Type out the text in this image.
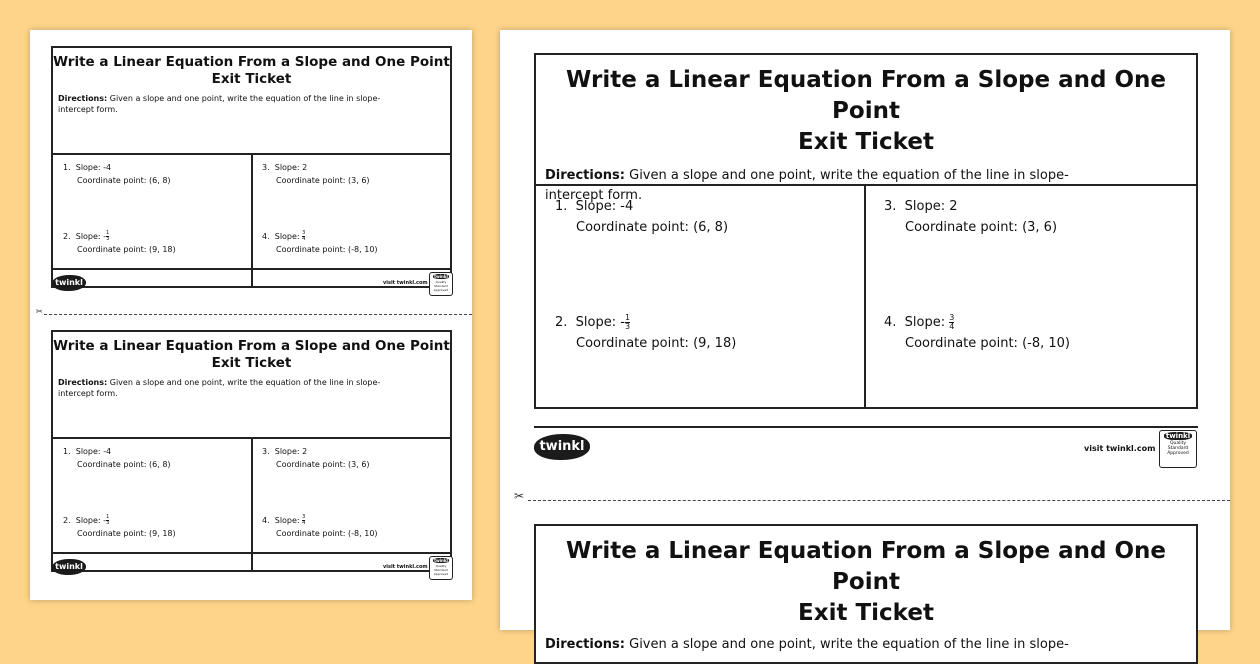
Write a Linear Equation From a Slope and One Point
Exit Ticket
Directions: Given a slope and one point, write the equation of the line in slope-
intercept form.
1. Slope: -4
Coordinate point: (6, 8)
3. Slope: 2
Coordinate point: (3, 6)
2. Slope: - $\frac{1}{3}$

Coordinate point: (9, 18)
4. Slope: $\frac{3}{4}$

Coordinate point: (-8, 10)
twinkl	visit twinkl.com
twinkl
Quality Standard Approved
✂
Write a Linear Equation From a Slope and One Point
Exit Ticket
Directions: Given a slope and one point, write the equation of the line in slope-
intercept form.
1. Slope: -4
Coordinate point: (6, 8)
3. Slope: 2
Coordinate point: (3, 6)
2. Slope: - $\frac{1}{3}$

Coordinate point: (9, 18)
4. Slope: $\frac{3}{4}$

Coordinate point: (-8, 10)
twinkl	visit twinkl.com
twinkl
Quality Standard Approved
Write a Linear Equation From a Slope and One Point
Exit Ticket
Directions: Given a slope and one point, write the equation of the line in slope-
intercept form.
1. Slope: -4
Coordinate point: (6, 8)
3. Slope: 2
Coordinate point: (3, 6)
2. Slope: - $\frac{1}{3}$

Coordinate point: (9, 18)
4. Slope: $\frac{3}{4}$

Coordinate point: (-8, 10)
twinkl	visit twinkl.com
twinkl
Quality Standard Approved
✂
Write a Linear Equation From a Slope and One Point
Exit Ticket
Directions: Given a slope and one point, write the equation of the line in slope-
